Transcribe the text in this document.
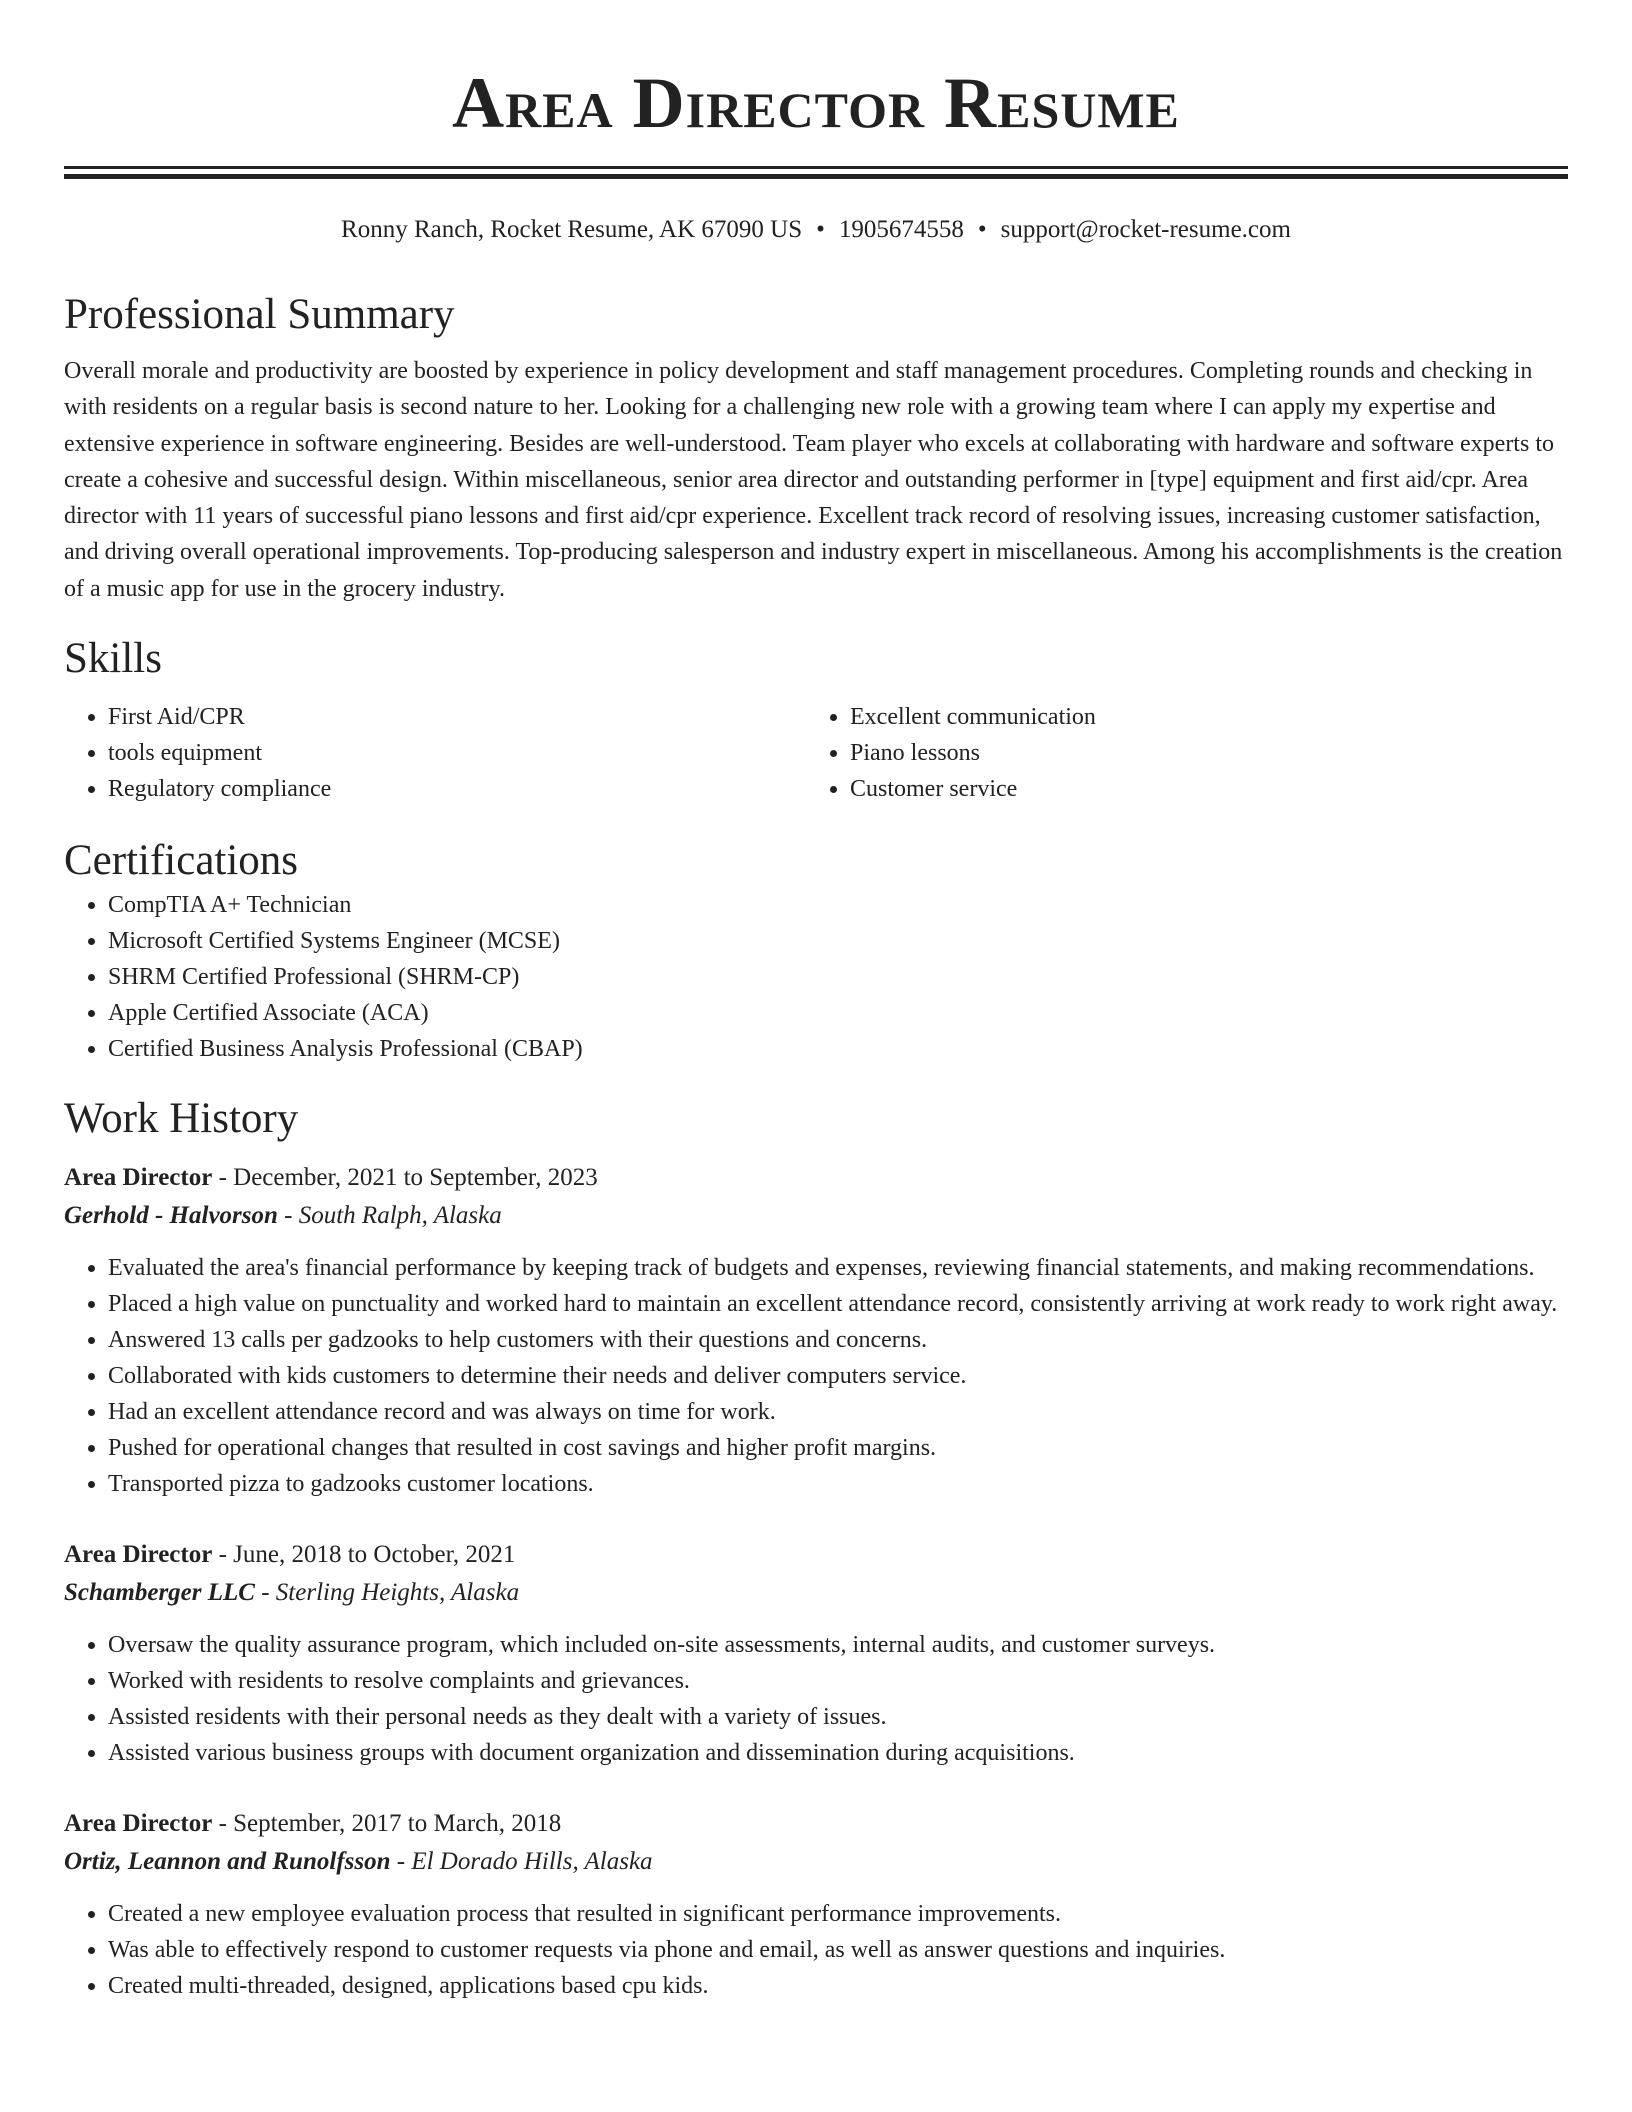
Area Director Resume
Ronny Ranch, Rocket Resume, AK 67090 US • 1905674558 • support@rocket-resume.com
Professional Summary
Overall morale and productivity are boosted by experience in policy development and staff management procedures. Completing rounds and checking in with residents on a regular basis is second nature to her. Looking for a challenging new role with a growing team where I can apply my expertise and extensive experience in software engineering. Besides are well-understood. Team player who excels at collaborating with hardware and software experts to create a cohesive and successful design. Within miscellaneous, senior area director and outstanding performer in [type] equipment and first aid/cpr. Area director with 11 years of successful piano lessons and first aid/cpr experience. Excellent track record of resolving issues, increasing customer satisfaction, and driving overall operational improvements. Top-producing salesperson and industry expert in miscellaneous. Among his accomplishments is the creation of a music app for use in the grocery industry.
Skills
• First Aid/CPR
• tools equipment
• Regulatory compliance
• Excellent communication
• Piano lessons
• Customer service
Certifications
• CompTIA A+ Technician
• Microsoft Certified Systems Engineer (MCSE)
• SHRM Certified Professional (SHRM-CP)
• Apple Certified Associate (ACA)
• Certified Business Analysis Professional (CBAP)
Work History
Area Director - December, 2021 to September, 2023
Gerhold - Halvorson - South Ralph, Alaska
• Evaluated the area's financial performance by keeping track of budgets and expenses, reviewing financial statements, and making recommendations.
• Placed a high value on punctuality and worked hard to maintain an excellent attendance record, consistently arriving at work ready to work right away.
• Answered 13 calls per gadzooks to help customers with their questions and concerns.
• Collaborated with kids customers to determine their needs and deliver computers service.
• Had an excellent attendance record and was always on time for work.
• Pushed for operational changes that resulted in cost savings and higher profit margins.
• Transported pizza to gadzooks customer locations.
Area Director - June, 2018 to October, 2021
Schamberger LLC - Sterling Heights, Alaska
• Oversaw the quality assurance program, which included on-site assessments, internal audits, and customer surveys.
• Worked with residents to resolve complaints and grievances.
• Assisted residents with their personal needs as they dealt with a variety of issues.
• Assisted various business groups with document organization and dissemination during acquisitions.
Area Director - September, 2017 to March, 2018
Ortiz, Leannon and Runolfsson - El Dorado Hills, Alaska
• Created a new employee evaluation process that resulted in significant performance improvements.
• Was able to effectively respond to customer requests via phone and email, as well as answer questions and inquiries.
• Created multi-threaded, designed, applications based cpu kids.
